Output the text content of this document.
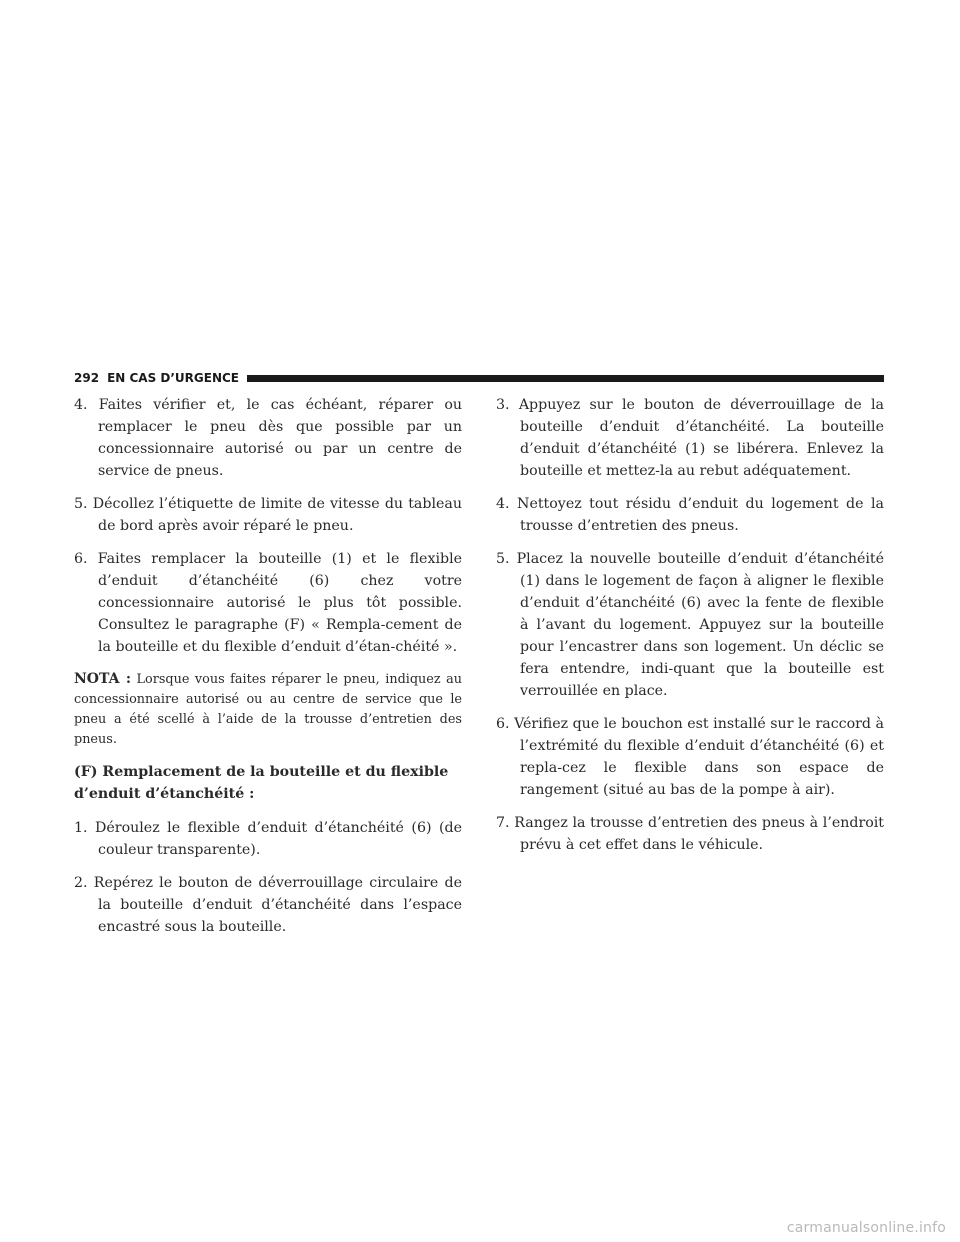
292 EN CAS D’URGENCE

4. Faites vérifier et, le cas échéant, réparer ou remplacer le pneu dès que possible par un concessionnaire autorisé ou par un centre de service de pneus.

5. Décollez l’étiquette de limite de vitesse du tableau de bord après avoir réparé le pneu.

6. Faites remplacer la bouteille (1) et le flexible d’enduit d’étanchéité (6) chez votre concessionnaire autorisé le plus tôt possible. Consultez le paragraphe (F) « Rempla-cement de la bouteille et du flexible d’enduit d’étan-chéité ».

NOTA : Lorsque vous faites réparer le pneu, indiquez au concessionnaire autorisé ou au centre de service que le pneu a été scellé à l’aide de la trousse d’entretien des pneus.

(F) Remplacement de la bouteille et du flexible d’enduit d’étanchéité :

1. Déroulez le flexible d’enduit d’étanchéité (6) (de couleur transparente).

2. Repérez le bouton de déverrouillage circulaire de la bouteille d’enduit d’étanchéité dans l’espace encastré sous la bouteille.

3. Appuyez sur le bouton de déverrouillage de la bouteille d’enduit d’étanchéité. La bouteille d’enduit d’étanchéité (1) se libérera. Enlevez la bouteille et mettez-la au rebut adéquatement.

4. Nettoyez tout résidu d’enduit du logement de la trousse d’entretien des pneus.

5. Placez la nouvelle bouteille d’enduit d’étanchéité (1) dans le logement de façon à aligner le flexible d’enduit d’étanchéité (6) avec la fente de flexible à l’avant du logement. Appuyez sur la bouteille pour l’encastrer dans son logement. Un déclic se fera entendre, indi-quant que la bouteille est verrouillée en place.

6. Vérifiez que le bouchon est installé sur le raccord à l’extrémité du flexible d’enduit d’étanchéité (6) et repla-cez le flexible dans son espace de rangement (situé au bas de la pompe à air).

7. Rangez la trousse d’entretien des pneus à l’endroit prévu à cet effet dans le véhicule.

carmanualsonline.info
